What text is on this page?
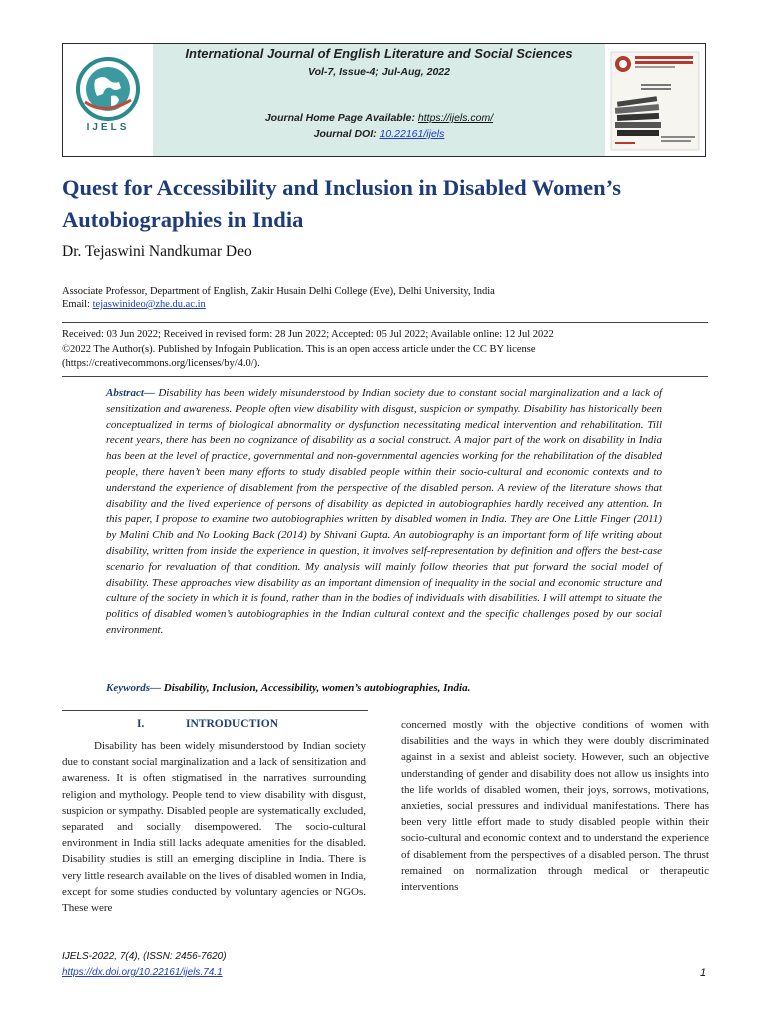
IJELS
International Journal of English Literature and Social Sciences
Vol-7, Issue-4; Jul-Aug, 2022
Journal Home Page Available: https://ijels.com/
Journal DOI: 10.22161/ijels
Quest for Accessibility and Inclusion in Disabled Women’s Autobiographies in India
Dr. Tejaswini Nandkumar Deo
Associate Professor, Department of English, Zakir Husain Delhi College (Eve), Delhi University, India
Email: tejaswinideo@zhe.du.ac.in
Received: 03 Jun 2022; Received in revised form: 28 Jun 2022; Accepted: 05 Jul 2022; Available online: 12 Jul 2022
©2022 The Author(s). Published by Infogain Publication. This is an open access article under the CC BY license
(https://creativecommons.org/licenses/by/4.0/).
Abstract— Disability has been widely misunderstood by Indian society due to constant social marginalization and a lack of sensitization and awareness. People often view disability with disgust, suspicion or sympathy. Disability has historically been conceptualized in terms of biological abnormality or dysfunction necessitating medical intervention and rehabilitation. Till recent years, there has been no cognizance of disability as a social construct. A major part of the work on disability in India has been at the level of practice, governmental and non-governmental agencies working for the rehabilitation of the disabled people, there haven’t been many efforts to study disabled people within their socio-cultural and economic contexts and to understand the experience of disablement from the perspective of the disabled person. A review of the literature shows that disability and the lived experience of persons of disability as depicted in autobiographies hardly received any attention. In this paper, I propose to examine two autobiographies written by disabled women in India. They are One Little Finger (2011) by Malini Chib and No Looking Back (2014) by Shivani Gupta. An autobiography is an important form of life writing about disability, written from inside the experience in question, it involves self-representation by definition and offers the best-case scenario for revaluation of that condition. My analysis will mainly follow theories that put forward the social model of disability. These approaches view disability as an important dimension of inequality in the social and economic structure and culture of the society in which it is found, rather than in the bodies of individuals with disabilities. I will attempt to situate the politics of disabled women’s autobiographies in the Indian cultural context and the specific challenges posed by our social environment.
Keywords— Disability, Inclusion, Accessibility, women’s autobiographies, India.
I.	INTRODUCTION
Disability has been widely misunderstood by Indian society due to constant social marginalization and a lack of sensitization and awareness. It is often stigmatised in the narratives surrounding religion and mythology. People tend to view disability with disgust, suspicion or sympathy. Disabled people are systematically excluded, separated and socially disempowered. The socio-cultural environment in India still lacks adequate amenities for the disabled. Disability studies is still an emerging discipline in India. There is very little research available on the lives of disabled women in India, except for some studies conducted by voluntary agencies or NGOs. These were
concerned mostly with the objective conditions of women with disabilities and the ways in which they were doubly discriminated against in a sexist and ableist society. However, such an objective understanding of gender and disability does not allow us insights into the life worlds of disabled women, their joys, sorrows, motivations, anxieties, social pressures and individual manifestations. There has been very little effort made to study disabled people within their socio-cultural and economic context and to understand the experience of disablement from the perspectives of a disabled person. The thrust remained on normalization through medical or therapeutic interventions
IJELS-2022, 7(4), (ISSN: 2456-7620)
https://dx.doi.org/10.22161/ijels.74.1	1
